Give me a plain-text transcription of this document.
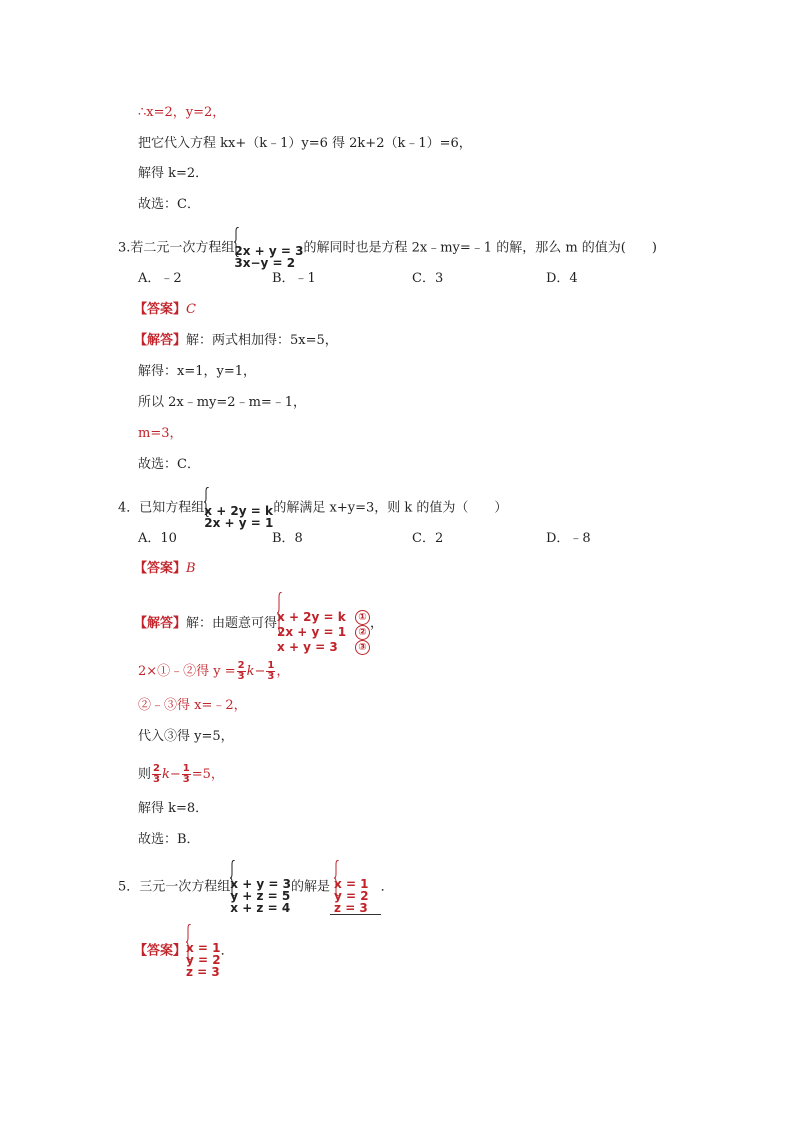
∴x=2，y=2，
把它代入方程 kx+（k﹣1）y=6 得 2k+2（k﹣1）=6，
解得 k=2．
故选：C．
3.若二元一次方程组 2x + y = 3
3x−y = 2
的解同时也是方程 2x﹣my=﹣1 的解，那么 m 的值为(　　)
A．﹣2	B．﹣1	C．3	D．4
【答案】C
【解答】解：两式相加得：5x=5，
解得：x=1，y=1，
所以 2x﹣my=2﹣m=﹣1，
m=3，
故选：C．
4．已知方程组 x + 2y = k
2x + y = 1
的解满足 x+y=3，则 k 的值为（　　）
A．10	B．8	C．2	D．﹣8
【答案】B
【解答】解：由题意可得 x + 2y = k ①
2x + y = 1 ②
x + y = 3 ③
，
2×①﹣②得 $y = \frac{2}{3} k- \frac{1}{3}$ ，
②﹣③得 x=﹣2，
代入③得 y=5，
则 $\frac{2}{3} k- \frac{1}{3} =5$，
解得 k=8．
故选：B．
5．三元一次方程组 x + y = 3
y + z = 5
x + z = 4
的解是 x = 1
y = 2
z = 3
．
【答案】 x = 1
y = 2
z = 3
．
